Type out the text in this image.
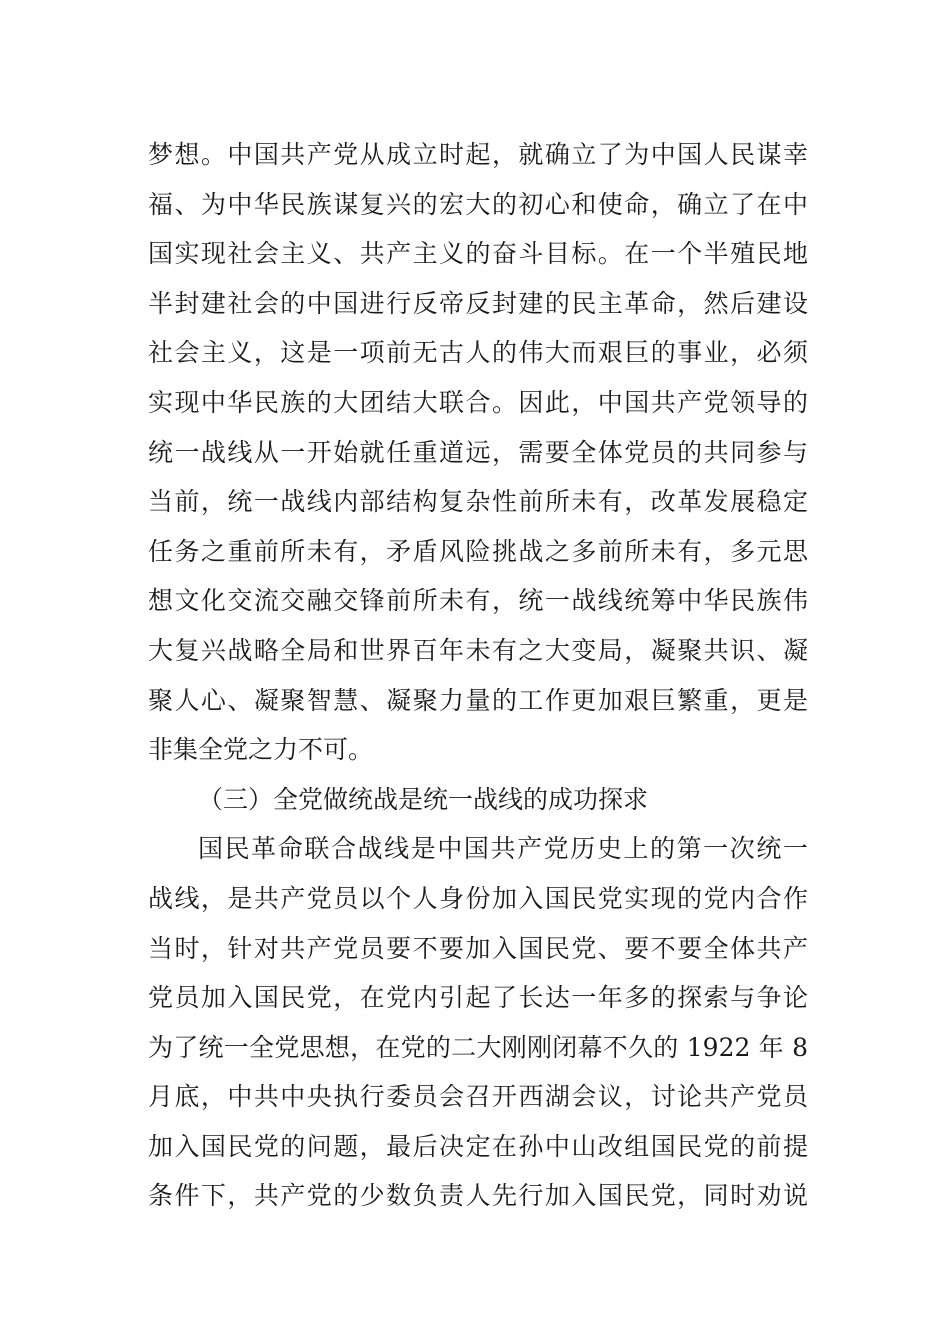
梦想。中国共产党从成立时起，就确立了为中国人民谋幸
福、为中华民族谋复兴的宏大的初心和使命，确立了在中
国实现社会主义、共产主义的奋斗目标。在一个半殖民地
半封建社会的中国进行反帝反封建的民主革命，然后建设
社会主义，这是一项前无古人的伟大而艰巨的事业，必须
实现中华民族的大团结大联合。因此，中国共产党领导的
统一战线从一开始就任重道远，需要全体党员的共同参与
当前，统一战线内部结构复杂性前所未有，改革发展稳定
任务之重前所未有，矛盾风险挑战之多前所未有，多元思
想文化交流交融交锋前所未有，统一战线统筹中华民族伟
大复兴战略全局和世界百年未有之大变局，凝聚共识、凝
聚人心、凝聚智慧、凝聚力量的工作更加艰巨繁重，更是
非集全党之力不可。
（三）全党做统战是统一战线的成功探求
国民革命联合战线是中国共产党历史上的第一次统一
战线，是共产党员以个人身份加入国民党实现的党内合作
当时，针对共产党员要不要加入国民党、要不要全体共产
党员加入国民党，在党内引起了长达一年多的探索与争论
为了统一全党思想，在党的二大刚刚闭幕不久的 1922 年 8
月底，中共中央执行委员会召开西湖会议，讨论共产党员
加入国民党的问题，最后决定在孙中山改组国民党的前提
条件下，共产党的少数负责人先行加入国民党，同时劝说
